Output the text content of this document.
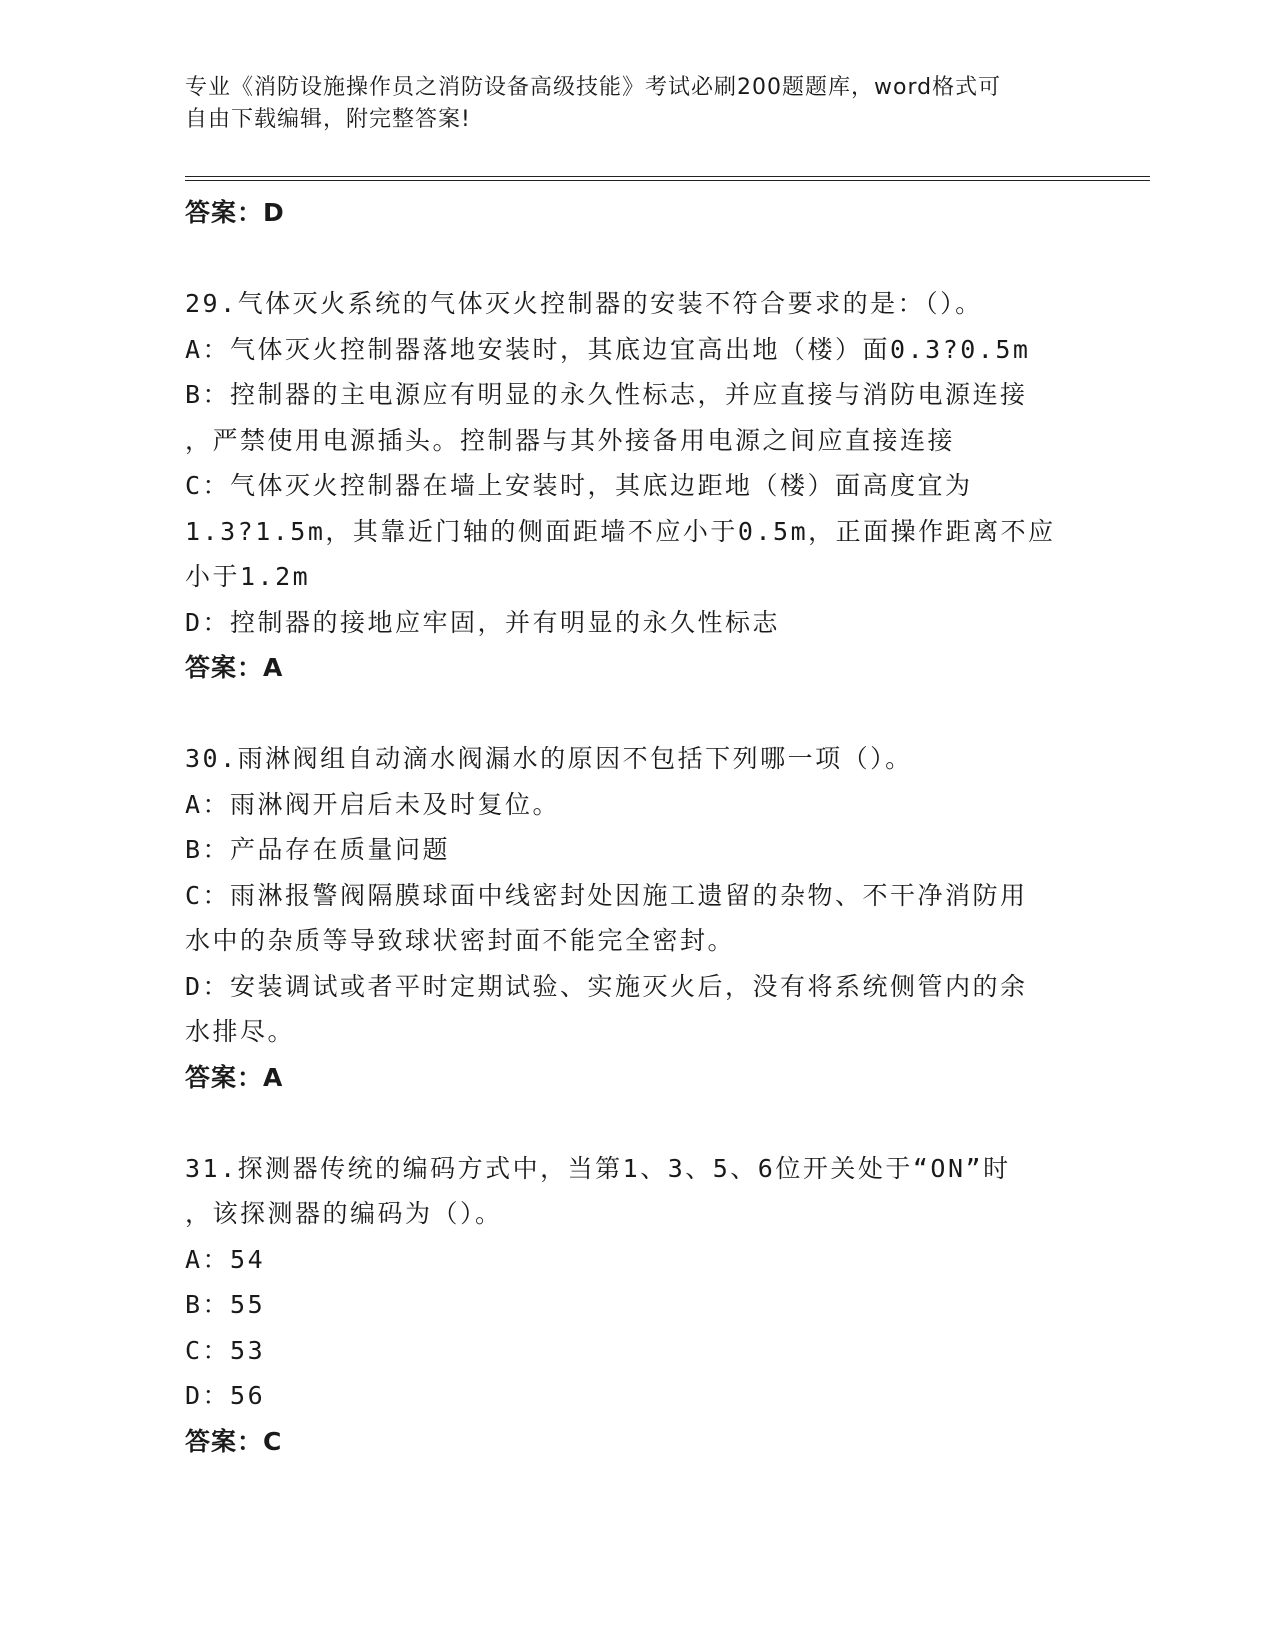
专业《消防设施操作员之消防设备高级技能》考试必刷200题题库，word格式可
自由下载编辑，附完整答案!
答案：D
29.气体灭火系统的气体灭火控制器的安装不符合要求的是：（）。
A：气体灭火控制器落地安装时，其底边宜高出地（楼）面0.3?0.5m
B：控制器的主电源应有明显的永久性标志，并应直接与消防电源连接
，严禁使用电源插头。控制器与其外接备用电源之间应直接连接
C：气体灭火控制器在墙上安装时，其底边距地（楼）面高度宜为
1.3?1.5m，其靠近门轴的侧面距墙不应小于0.5m，正面操作距离不应
小于1.2m
D：控制器的接地应牢固，并有明显的永久性标志
答案：A
30.雨淋阀组自动滴水阀漏水的原因不包括下列哪一项（）。
A：雨淋阀开启后未及时复位。
B：产品存在质量问题
C：雨淋报警阀隔膜球面中线密封处因施工遗留的杂物、不干净消防用
水中的杂质等导致球状密封面不能完全密封。
D：安装调试或者平时定期试验、实施灭火后，没有将系统侧管内的余
水排尽。
答案：A
31.探测器传统的编码方式中，当第1、3、5、6位开关处于“ON”时
，该探测器的编码为（）。
A：54
B：55
C：53
D：56
答案：C
